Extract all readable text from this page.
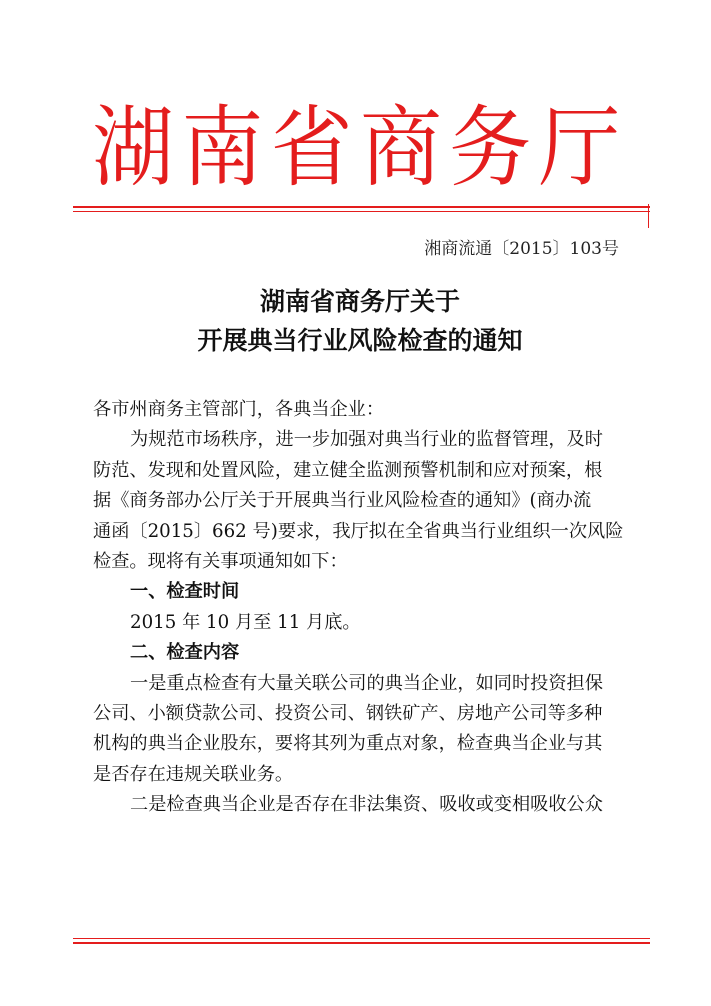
湖南省商务厅
湘商流通〔2015〕103号
湖南省商务厅关于
开展典当行业风险检查的通知
各市州商务主管部门，各典当企业：
为规范市场秩序，进一步加强对典当行业的监督管理，及时
防范、发现和处置风险，建立健全监测预警机制和应对预案，根
据《商务部办公厅关于开展典当行业风险检查的通知》(商办流
通函〔2015〕662 号)要求，我厅拟在全省典当行业组织一次风险
检查。现将有关事项通知如下：
一、检查时间
2015 年 10 月至 11 月底。
二、检查内容
一是重点检查有大量关联公司的典当企业，如同时投资担保
公司、小额贷款公司、投资公司、钢铁矿产、房地产公司等多种
机构的典当企业股东，要将其列为重点对象，检查典当企业与其
是否存在违规关联业务。
二是检查典当企业是否存在非法集资、吸收或变相吸收公众
